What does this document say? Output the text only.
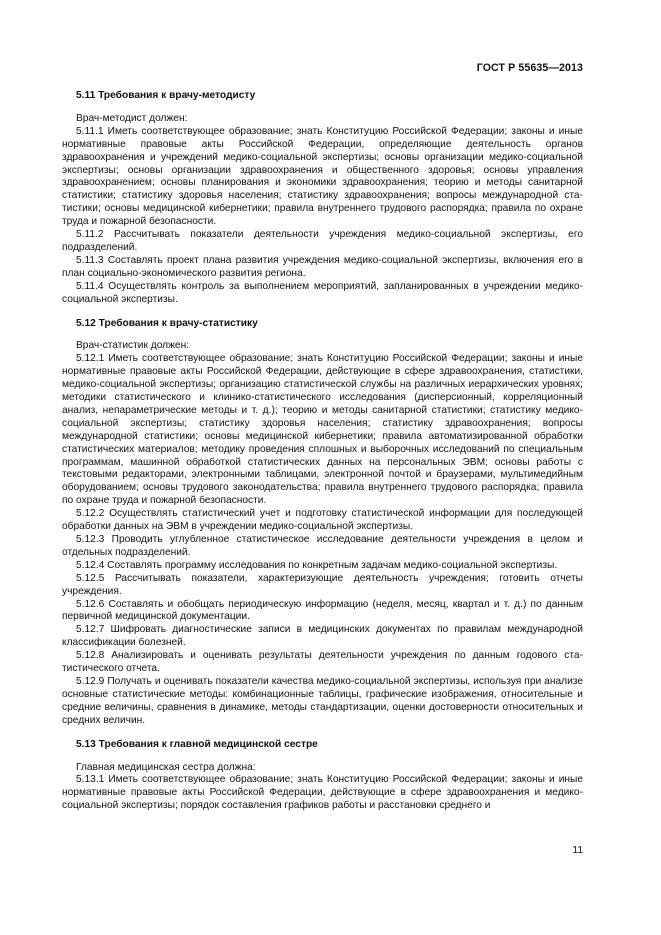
ГОСТ Р 55635—2013
5.11 Требования к врачу-методисту

Врач-методист должен:

5.11.1 Иметь соответствующее образование; знать Конституцию Российской Федерации; законы и иные нормативные правовые акты Российской Федерации, определяющие деятельность органов здравоохранения и учреждений медико-социальной экспертизы; основы организации медико-социальной экспертизы; основы организации здравоохранения и общественного здоровья; основы управления здравоохранением; основы планирования и экономики здравоохранения; теорию и методы санитарной статистики; статистику здоровья населения; статистику здравоохранения; вопросы международной статистики; основы медицинской кибернетики; правила внутреннего трудового распорядка; правила по охране труда и пожарной безопасности.

5.11.2 Рассчитывать показатели деятельности учреждения медико-социальной экспертизы, его подразделений.

5.11.3 Составлять проект плана развития учреждения медико-социальной экспертизы, включения его в план социально-экономического развития региона.

5.11.4 Осуществлять контроль за выполнением мероприятий, запланированных в учреждении медико-социальной экспертизы.

5.12 Требования к врачу-статистику

Врач-статистик должен:

5.12.1 Иметь соответствующее образование; знать Конституцию Российской Федерации; законы и иные нормативные правовые акты Российской Федерации, действующие в сфере здравоохранения, статистики, медико-социальной экспертизы; организацию статистической службы на различных иерархических уровнях; методики статистического и клинико-статистического исследования (дисперсионный, корреляционный анализ, непараметрические методы и т. д.); теорию и методы санитарной статистики; статистику медико-социальной экспертизы; статистику здоровья населения; статистику здравоохранения; вопросы международной статистики; основы медицинской кибернетики; правила автоматизированной обработки статистических материалов; методику проведения сплошных и выборочных исследований по специальным программам, машинной обработкой статистических данных на персональных ЭВМ; основы работы с текстовыми редакторами, электронными таблицами, электронной почтой и браузерами, мультимедийным оборудованием; основы трудового законодательства; правила внутреннего трудового распорядка; правила по охране труда и пожарной безопасности.

5.12.2 Осуществлять статистический учет и подготовку статистической информации для последующей обработки данных на ЭВМ в учреждении медико-социальной экспертизы.

5.12.3 Проводить углубленное статистическое исследование деятельности учреждения в целом и отдельных подразделений.

5.12.4 Составлять программу исследования по конкретным задачам медико-социальной экспертизы.

5.12.5 Рассчитывать показатели, характеризующие деятельность учреждения; готовить отчеты учреждения.

5.12.6 Составлять и обобщать периодическую информацию (неделя, месяц, квартал и т. д.) по данным первичной медицинской документации.

5.12.7 Шифровать диагностические записи в медицинских документах по правилам международной классификации болезней.

5.12.8 Анализировать и оценивать результаты деятельности учреждения по данным годового статистического отчета.

5.12.9 Получать и оценивать показатели качества медико-социальной экспертизы, используя при анализе основные статистические методы: комбинационные таблицы, графические изображения, относительные и средние величины, сравнения в динамике, методы стандартизации, оценки достоверности относительных и средних величин.

5.13 Требования к главной медицинской сестре

Главная медицинская сестра должна:

5.13.1 Иметь соответствующее образование; знать Конституцию Российской Федерации; законы и иные нормативные правовые акты Российской Федерации, действующие в сфере здравоохранения и медико-социальной экспертизы; порядок составления графиков работы и расстановки среднего и

11
